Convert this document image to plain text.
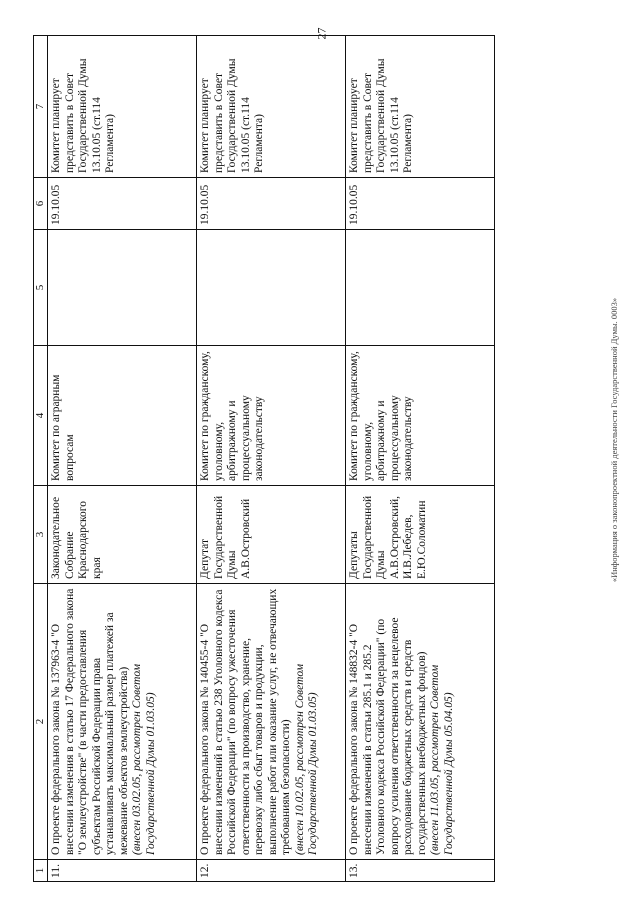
27
1	2	3	4	5	6	7
11.	О проекте федерального закона № 137963-4 "О внесении изменения в статью 17 Федерального закона "О землеустройстве" (в части предоставления субъектам Российской Федерации права устанавливать максимальный размер платежей за межевание объектов землеустройства) (внесен 03.02.05, рассмотрен Советом Государственной Думы 01.03.05)	Законодательное Собрание Краснодарского края	Комитет по аграрным вопросам		19.10.05	Комитет планирует представить в Совет Государственной Думы 13.10.05 (ст.114 Регламента)
12.	О проекте федерального закона № 140455-4 "О внесении изменений в статью 238 Уголовного кодекса Российской Федерации" (по вопросу ужесточения ответственности за производство, хранение, перевозку либо сбыт товаров и продукции, выполнение работ или оказание услуг, не отвечающих требованиям безопасности) (внесен 10.02.05, рассмотрен Советом Государственной Думы 01.03.05)	Депутат Государственной Думы А.В.Островский	Комитет по гражданскому, уголовному, арбитражному и процессуальному законодательству		19.10.05	Комитет планирует представить в Совет Государственной Думы 13.10.05 (ст.114 Регламента)
13.	О проекте федерального закона № 148832-4 "О внесении изменений в статьи 285.1 и 285.2 Уголовного кодекса Российской Федерации" (по вопросу усиления ответственности за нецелевое расходование бюджетных средств и средств государственных внебюджетных фондов) (внесен 11.03.05, рассмотрен Советом Государственной Думы 05.04.05)	Депутаты Государственной Думы А.В.Островский, И.В.Лебедев, Е.Ю.Соломатин	Комитет по гражданскому, уголовному, арбитражному и процессуальному законодательству		19.10.05	Комитет планирует представить в Совет Государственной Думы 13.10.05 (ст.114 Регламента)
«Информация о законопроектной деятельности Государственной Думы. 0003»
